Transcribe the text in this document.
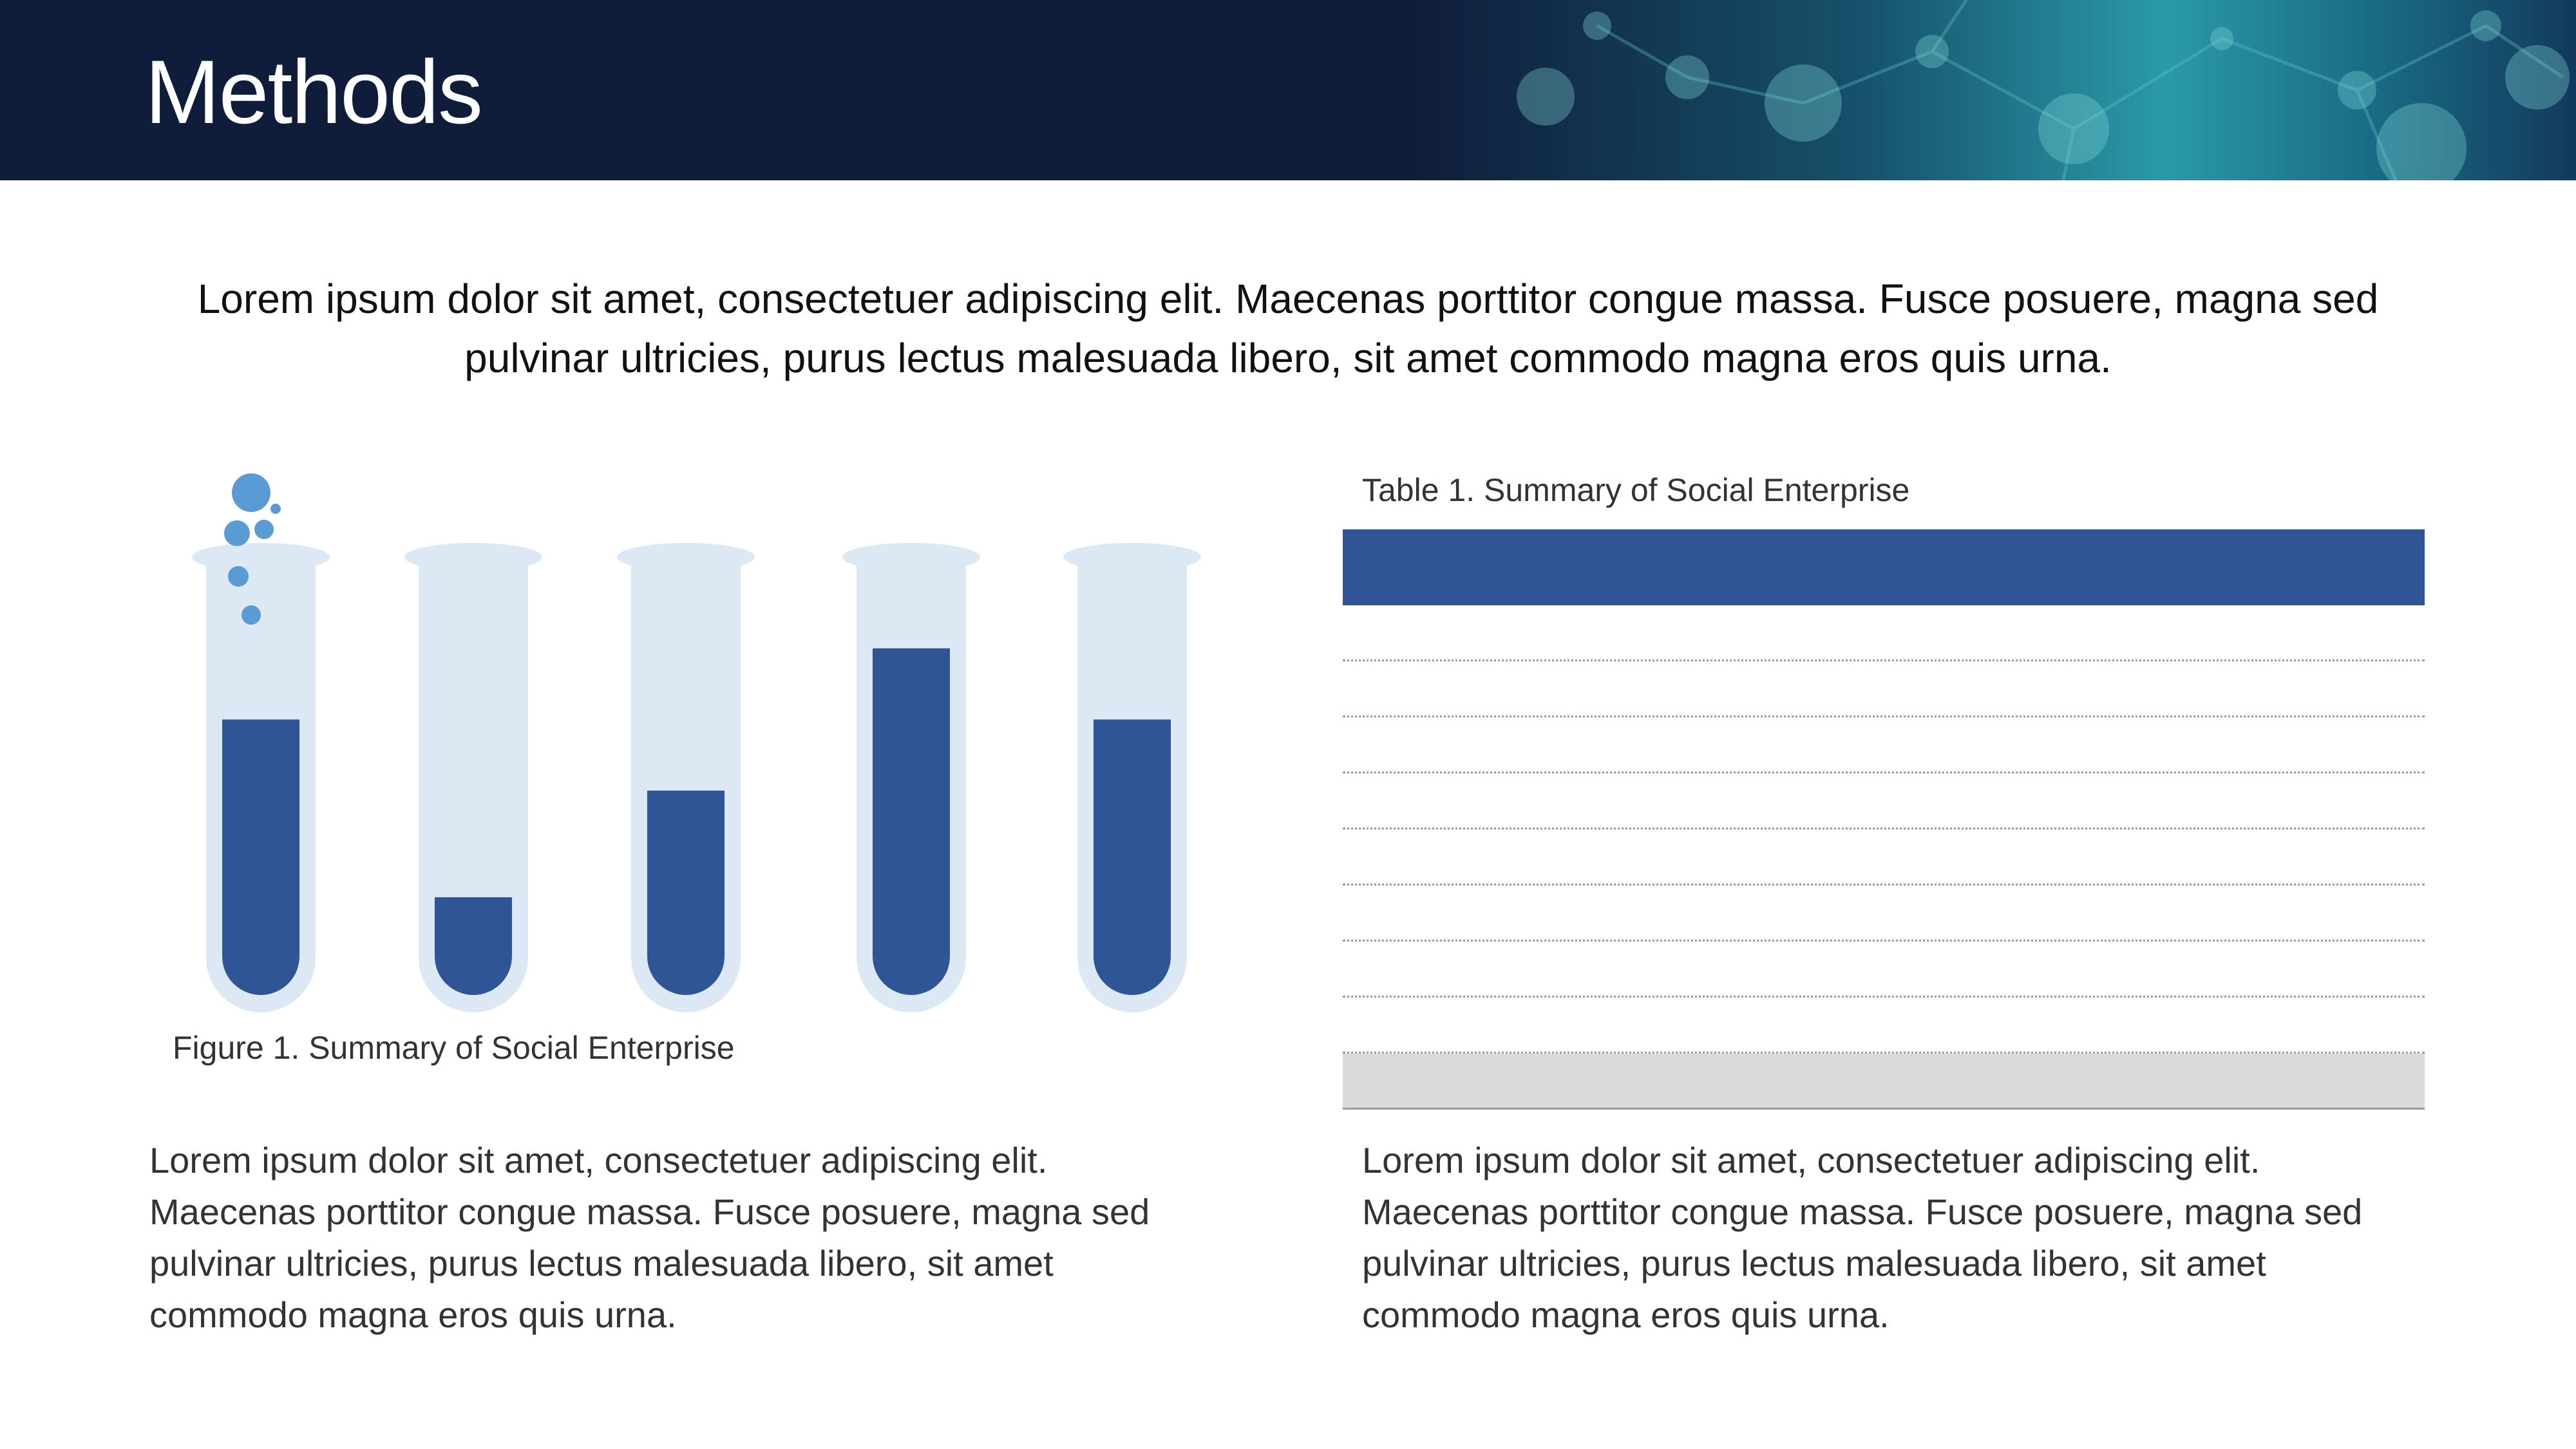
Methods
Lorem ipsum dolor sit amet, consectetuer adipiscing elit. Maecenas porttitor congue massa. Fusce posuere, magna sed pulvinar ultricies, purus lectus malesuada libero, sit amet commodo magna eros quis urna.
Figure 1. Summary of Social Enterprise
Table 1. Summary of Social Enterprise
Lorem ipsum dolor sit amet, consectetuer adipiscing elit. Maecenas porttitor congue massa. Fusce posuere, magna sed pulvinar ultricies, purus lectus malesuada libero, sit amet commodo magna eros quis urna.
Lorem ipsum dolor sit amet, consectetuer adipiscing elit. Maecenas porttitor congue massa. Fusce posuere, magna sed pulvinar ultricies, purus lectus malesuada libero, sit amet commodo magna eros quis urna.
